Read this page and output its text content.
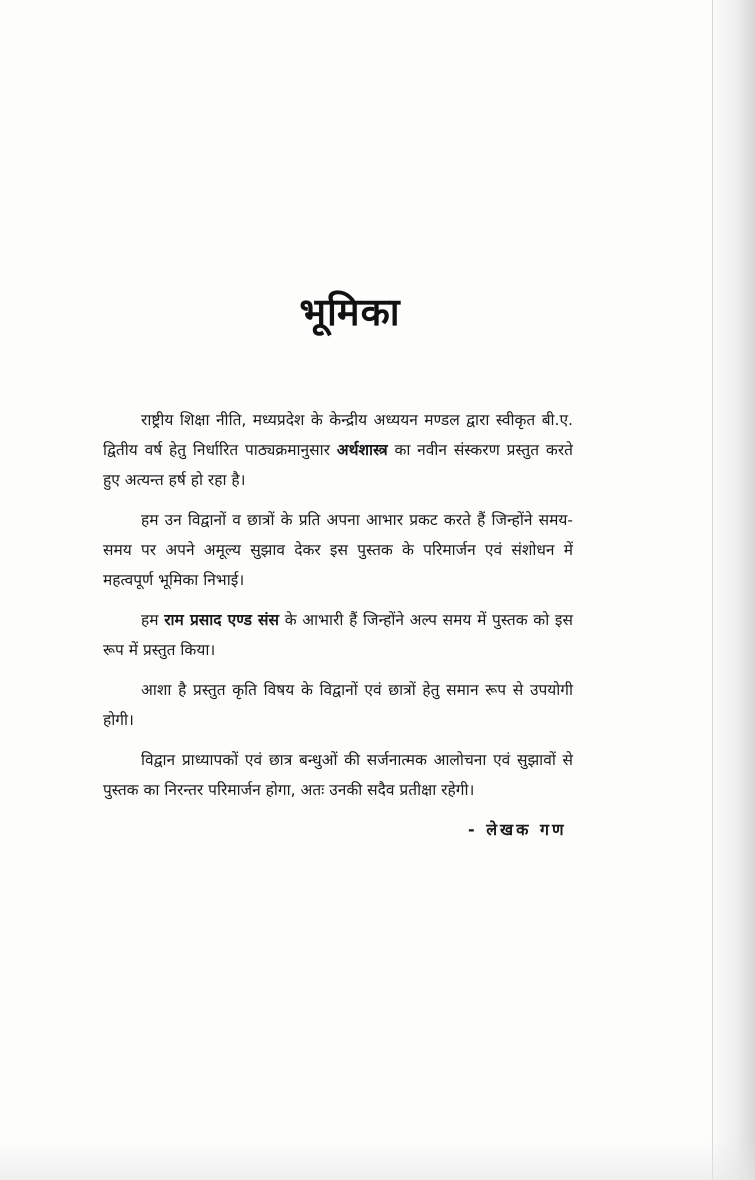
भूमिका

राष्ट्रीय शिक्षा नीति, मध्यप्रदेश के केन्द्रीय अध्ययन मण्डल द्वारा स्वीकृत बी.ए. द्वितीय वर्ष हेतु निर्धारित पाठ्यक्रमानुसार अर्थशास्त्र का नवीन संस्करण प्रस्तुत करते हुए अत्यन्त हर्ष हो रहा है।

हम उन विद्वानों व छात्रों के प्रति अपना आभार प्रकट करते हैं जिन्होंने समय-समय पर अपने अमूल्य सुझाव देकर इस पुस्तक के परिमार्जन एवं संशोधन में महत्वपूर्ण भूमिका निभाई।

हम राम प्रसाद एण्ड संस के आभारी हैं जिन्होंने अल्प समय में पुस्तक को इस रूप में प्रस्तुत किया।

आशा है प्रस्तुत कृति विषय के विद्वानों एवं छात्रों हेतु समान रूप से उपयोगी होगी।

विद्वान प्राध्यापकों एवं छात्र बन्धुओं की सर्जनात्मक आलोचना एवं सुझावों से पुस्तक का निरन्तर परिमार्जन होगा, अतः उनकी सदैव प्रतीक्षा रहेगी।

- लेखक गण
